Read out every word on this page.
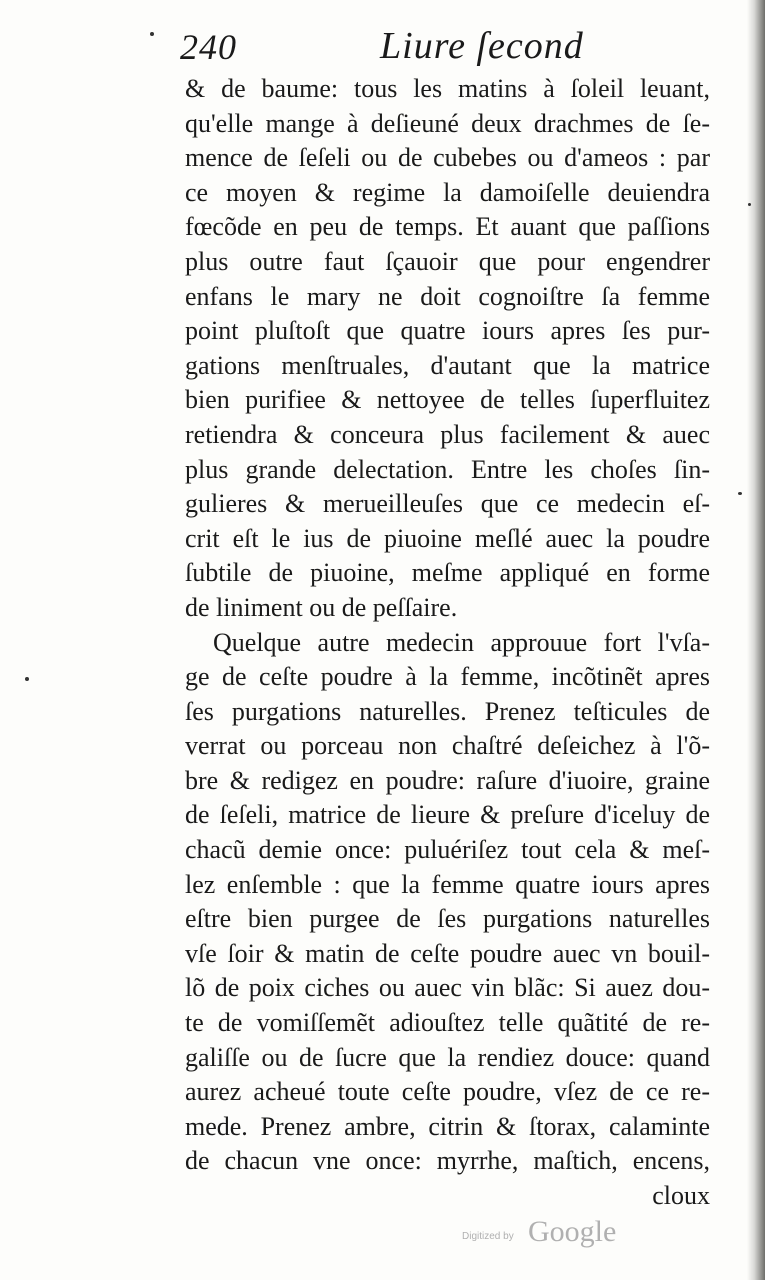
240	Liure ſecond
& de baume: tous les matins à ſoleil leuant,
qu'elle mange à deſieuné deux drachmes de ſe-
mence de ſeſeli ou de cubebes ou d'ameos : par
ce moyen & regime la damoiſelle deuiendra
fœcõde en peu de temps. Et auant que paſſions
plus outre faut ſçauoir que pour engendrer
enfans le mary ne doit cognoiſtre ſa femme
point pluſtoſt que quatre iours apres ſes pur-
gations menſtruales, d'autant que la matrice
bien purifiee & nettoyee de telles ſuperfluitez
retiendra & conceura plus facilement & auec
plus grande delectation. Entre les choſes ſin-
gulieres & merueilleuſes que ce medecin eſ-
crit eſt le ius de piuoine meſlé auec la poudre
ſubtile de piuoine, meſme appliqué en forme
de liniment ou de peſſaire.
Quelque autre medecin approuue fort l'vſa-
ge de ceſte poudre à la femme, incõtinẽt apres
ſes purgations naturelles. Prenez teſticules de
verrat ou porceau non chaſtré deſeichez à l'õ-
bre & redigez en poudre: raſure d'iuoire, graine
de ſeſeli, matrice de lieure & preſure d'iceluy de
chacũ demie once: puluériſez tout cela & meſ-
lez enſemble : que la femme quatre iours apres
eſtre bien purgee de ſes purgations naturelles
vſe ſoir & matin de ceſte poudre auec vn bouil-
lõ de poix ciches ou auec vin blãc: Si auez dou-
te de vomiſſemẽt adiouſtez telle quãtité de re-
galiſſe ou de ſucre que la rendiez douce: quand
aurez acheué toute ceſte poudre, vſez de ce re-
mede. Prenez ambre, citrin & ſtorax, calaminte
de chacun vne once: myrrhe, maſtich, encens,
cloux
Digitized by Google
